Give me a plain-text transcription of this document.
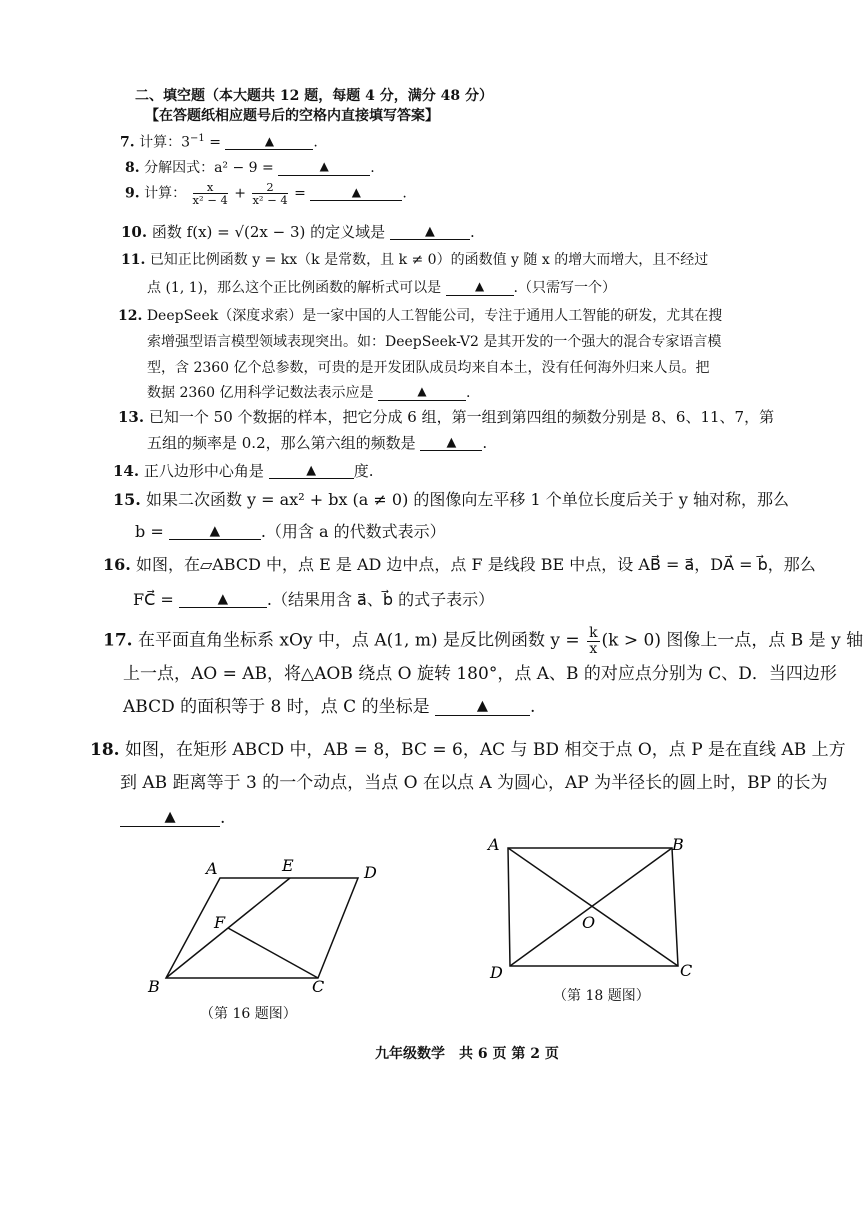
二、填空题（本大题共 12 题，每题 4 分，满分 48 分）
【在答题纸相应题号后的空格内直接填写答案】
7. 计算：$3^{-1}$ =	▲	.
8. 分解因式：a² − 9 =	▲	.
9. 计算： $\frac{x}{\text{x² − 4}} + \frac{2}{\text{x² − 4}}$ =	▲	.
10. 函数 f(x) = √(2x − 3) 的定义域是	▲ .
11. 已知正比例函数 y = kx（k 是常数，且 k ≠ 0）的函数值 y 随 x 的增大而增大，且不经过
点 (1, 1)，那么这个正比例函数的解析式可以是	▲ .（只需写一个）
12. DeepSeek（深度求索）是一家中国的人工智能公司，专注于通用人工智能的研发，尤其在搜
索增强型语言模型领域表现突出。如：DeepSeek-V2 是其开发的一个强大的混合专家语言模
型，含 2360 亿个总参数，可贵的是开发团队成员均来自本土，没有任何海外归来人员。把
数据 2360 亿用科学记数法表示应是	▲	.
13. 已知一个 50 个数据的样本，把它分成 6 组，第一组到第四组的频数分别是 8、6、11、7，第
五组的频率是 0.2，那么第六组的频数是 ▲ .
14. 正八边形中心角是	▲	度.
15. 如果二次函数 y = ax² + bx (a ≠ 0) 的图像向左平移 1 个单位长度后关于 y 轴对称，那么
b =	▲	.（用含 a 的代数式表示）
16. 如图，在▱ABCD 中，点 E 是 AD 边中点，点 F 是线段 BE 中点，设 AB⃗ = a⃗，DA⃗ = b⃗，那么
FC⃗ =	▲ .（结果用含 a⃗、b⃗ 的式子表示）
17. 在平面直角坐标系 xOy 中，点 A(1, m) 是反比例函数 $y = \frac{k}{x} (k > 0)$ 图像上一点，点 B 是 y 轴
上一点，AO = AB，将△AOB 绕点 O 旋转 180°，点 A、B 的对应点分别为 C、D．当四边形
ABCD 的面积等于 8 时，点 C 的坐标是	▲ .
18. 如图，在矩形 ABCD 中，AB = 8，BC = 6，AC 与 BD 相交于点 O，点 P 是在直线 AB 上方
到 AB 距离等于 3 的一个动点，当点 O 在以点 A 为圆心，AP 为半径长的圆上时，BP 的长为
▲	.
A	E	D
F
B	C
（第 16 题图）
A	B
O
D	C
（第 18 题图）
九年级数学　共 6 页 第 2 页
